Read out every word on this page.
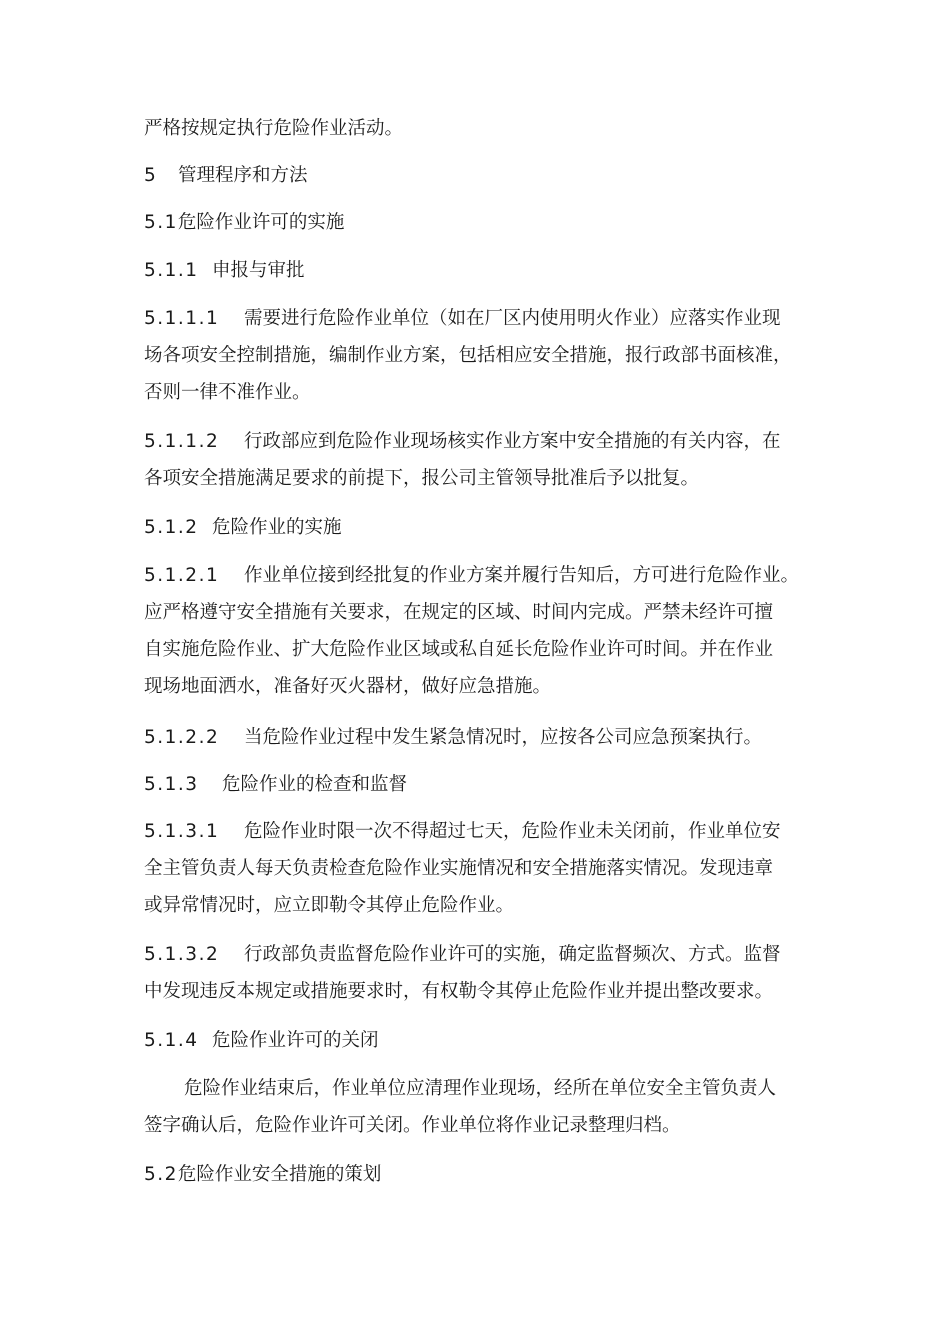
严格按规定执行危险作业活动。
5 管理程序和方法
5.1危险作业许可的实施
5.1.1 申报与审批
5.1.1.1 需要进行危险作业单位（如在厂区内使用明火作业）应落实作业现
场各项安全控制措施，编制作业方案，包括相应安全措施，报行政部书面核准，
否则一律不准作业。
5.1.1.2 行政部应到危险作业现场核实作业方案中安全措施的有关内容，在
各项安全措施满足要求的前提下，报公司主管领导批准后予以批复。
5.1.2 危险作业的实施
5.1.2.1 作业单位接到经批复的作业方案并履行告知后，方可进行危险作业。
应严格遵守安全措施有关要求，在规定的区域、时间内完成。严禁未经许可擅
自实施危险作业、扩大危险作业区域或私自延长危险作业许可时间。并在作业
现场地面洒水，准备好灭火器材，做好应急措施。
5.1.2.2 当危险作业过程中发生紧急情况时，应按各公司应急预案执行。
5.1.3 危险作业的检查和监督
5.1.3.1 危险作业时限一次不得超过七天，危险作业未关闭前，作业单位安
全主管负责人每天负责检查危险作业实施情况和安全措施落实情况。发现违章
或异常情况时，应立即勒令其停止危险作业。
5.1.3.2 行政部负责监督危险作业许可的实施，确定监督频次、方式。监督
中发现违反本规定或措施要求时，有权勒令其停止危险作业并提出整改要求。
5.1.4 危险作业许可的关闭
危险作业结束后，作业单位应清理作业现场，经所在单位安全主管负责人
签字确认后，危险作业许可关闭。作业单位将作业记录整理归档。
5.2危险作业安全措施的策划
